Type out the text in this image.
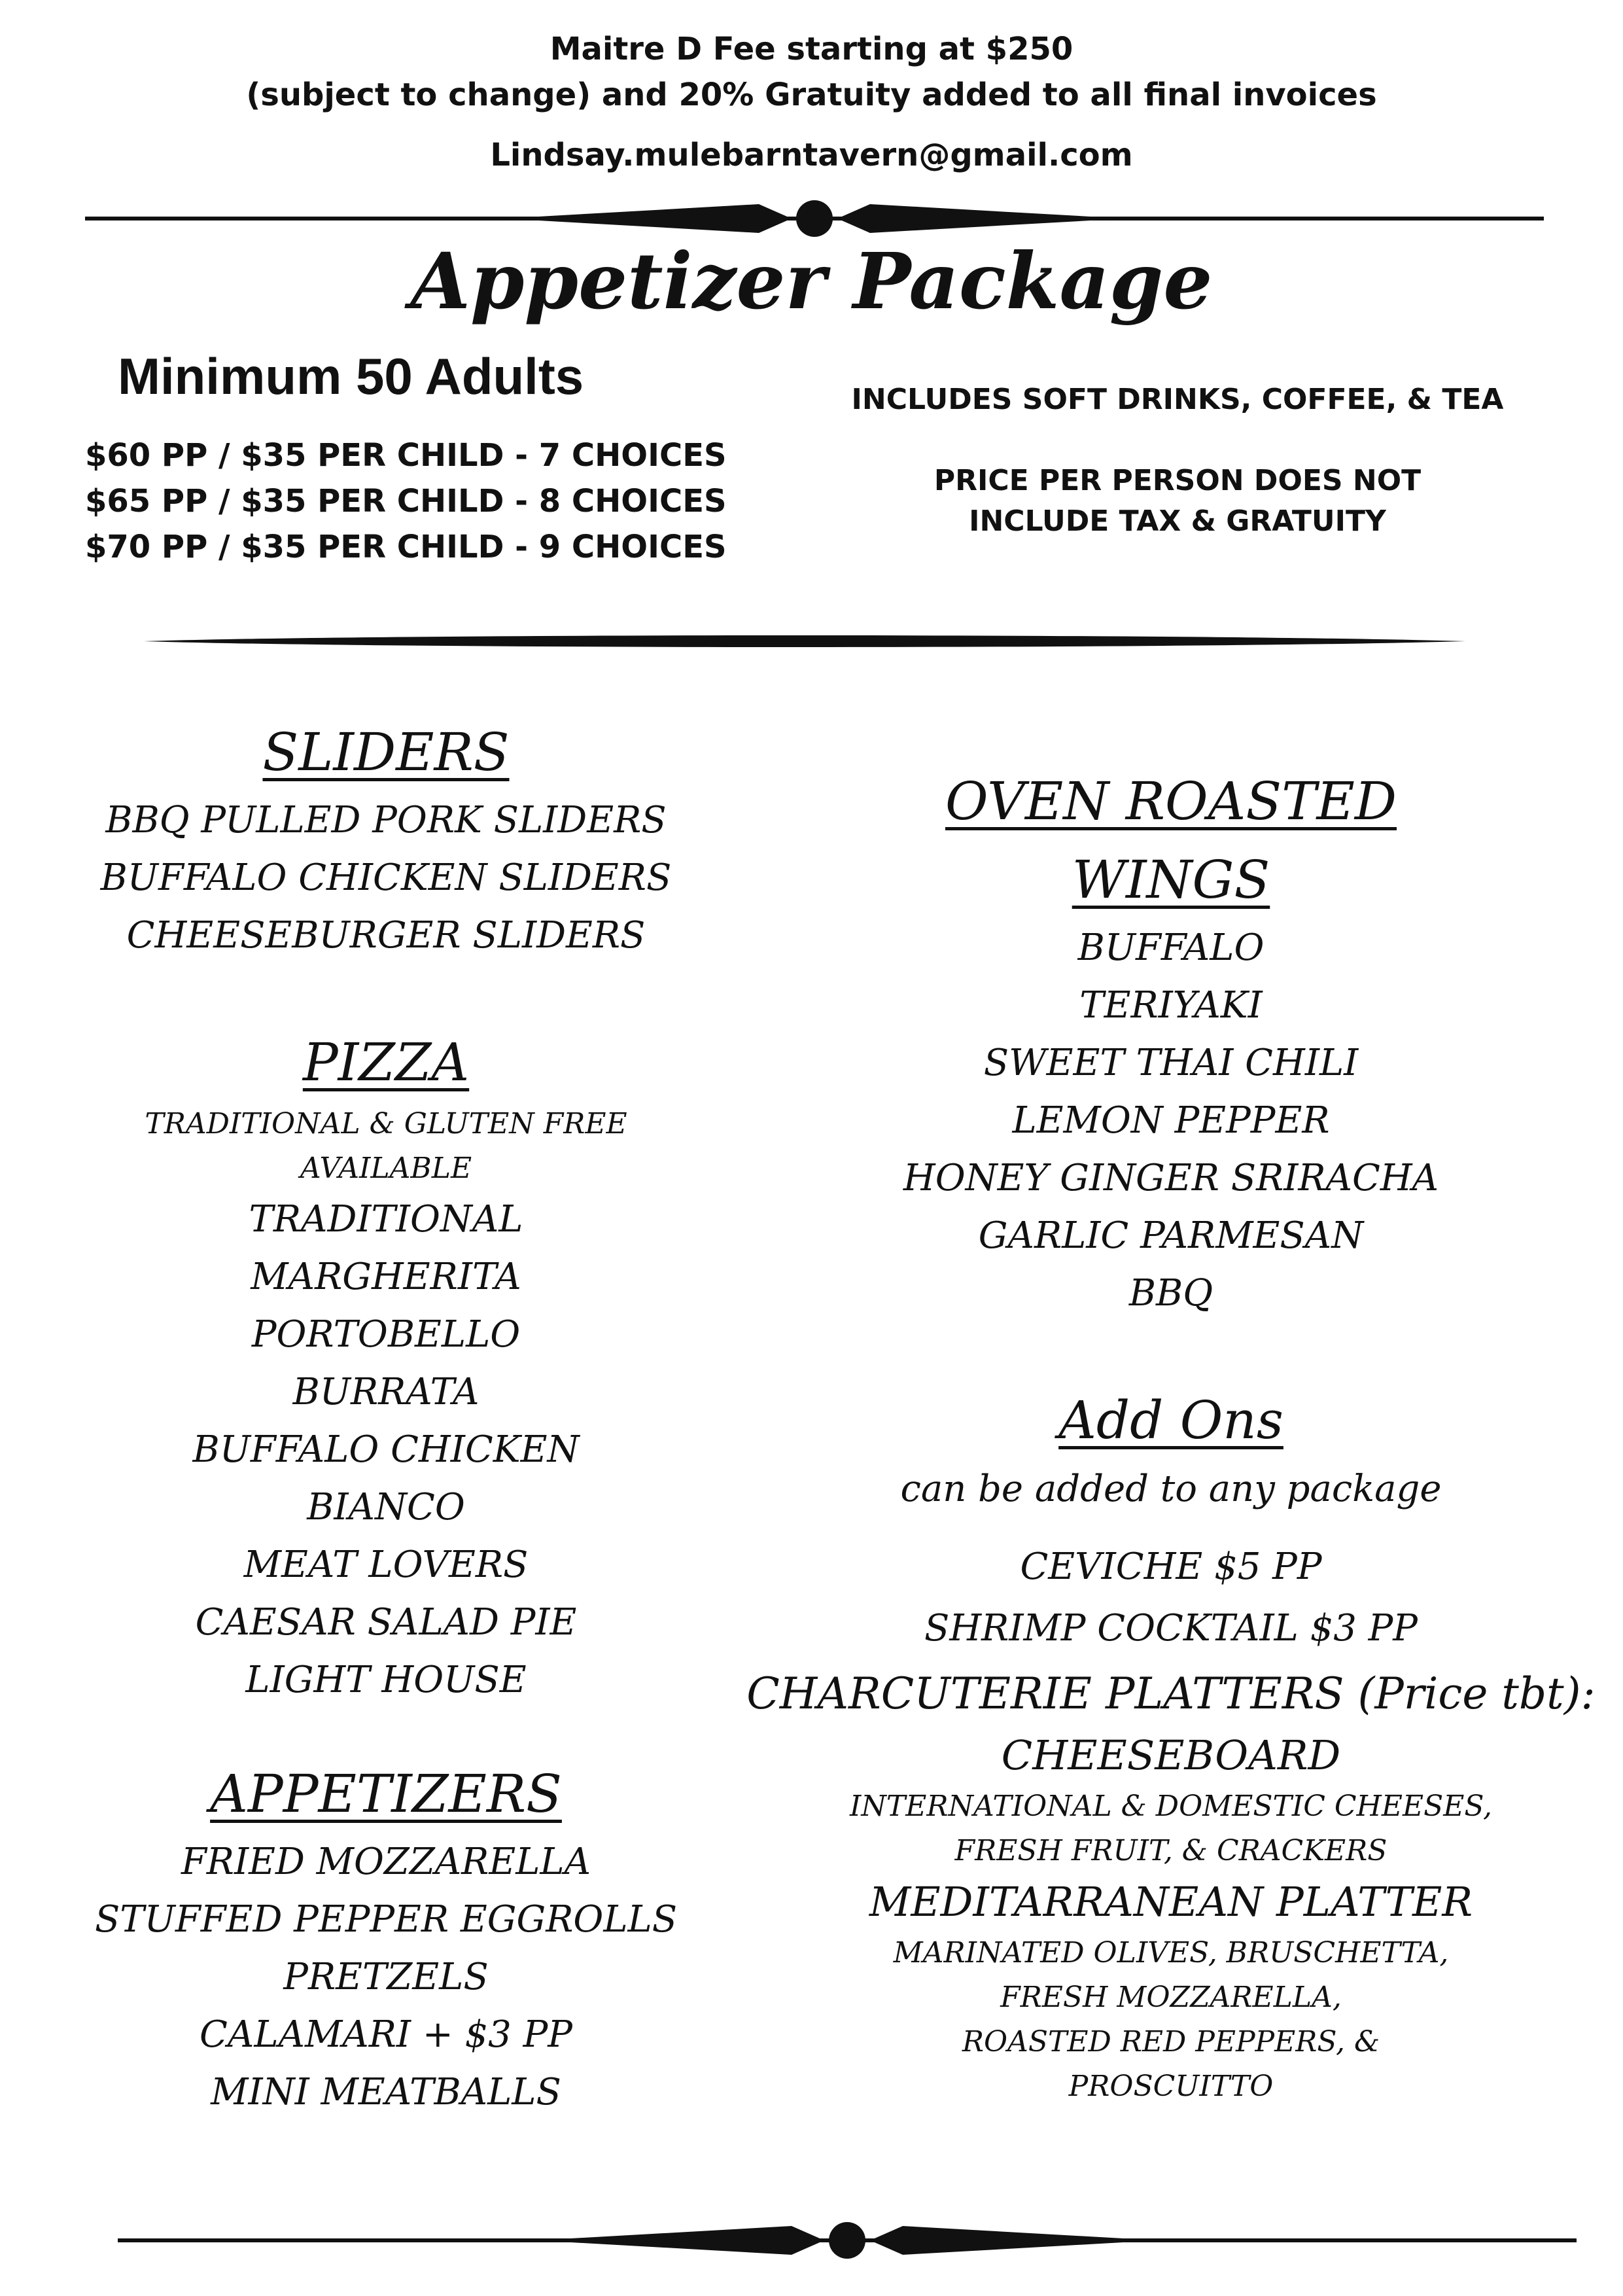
Maitre D Fee starting at $250
(subject to change) and 20% Gratuity added to all final invoices
Lindsay.mulebarntavern@gmail.com
Appetizer Package
Minimum 50 Adults
$60 PP / $35 PER CHILD - 7 CHOICES
$65 PP / $35 PER CHILD - 8 CHOICES
$70 PP / $35 PER CHILD - 9 CHOICES
INCLUDES SOFT DRINKS, COFFEE, & TEA
PRICE PER PERSON DOES NOT
INCLUDE TAX & GRATUITY
SLIDERS
BBQ PULLED PORK SLIDERS
BUFFALO CHICKEN SLIDERS
CHEESEBURGER SLIDERS
PIZZA
TRADITIONAL & GLUTEN FREE
AVAILABLE
TRADITIONAL
MARGHERITA
PORTOBELLO
BURRATA
BUFFALO CHICKEN
BIANCO
MEAT LOVERS
CAESAR SALAD PIE
LIGHT HOUSE
APPETIZERS
FRIED MOZZARELLA
STUFFED PEPPER EGGROLLS
PRETZELS
CALAMARI + $3 PP
MINI MEATBALLS
OVEN ROASTED
WINGS
BUFFALO
TERIYAKI
SWEET THAI CHILI
LEMON PEPPER
HONEY GINGER SRIRACHA
GARLIC PARMESAN
BBQ
Add Ons
can be added to any package
CEVICHE $5 PP
SHRIMP COCKTAIL $3 PP
CHARCUTERIE PLATTERS (Price tbt):
CHEESEBOARD
INTERNATIONAL & DOMESTIC CHEESES,
FRESH FRUIT, & CRACKERS
MEDITARRANEAN PLATTER
MARINATED OLIVES, BRUSCHETTA,
FRESH MOZZARELLA,
ROASTED RED PEPPERS, &
PROSCUITTO
